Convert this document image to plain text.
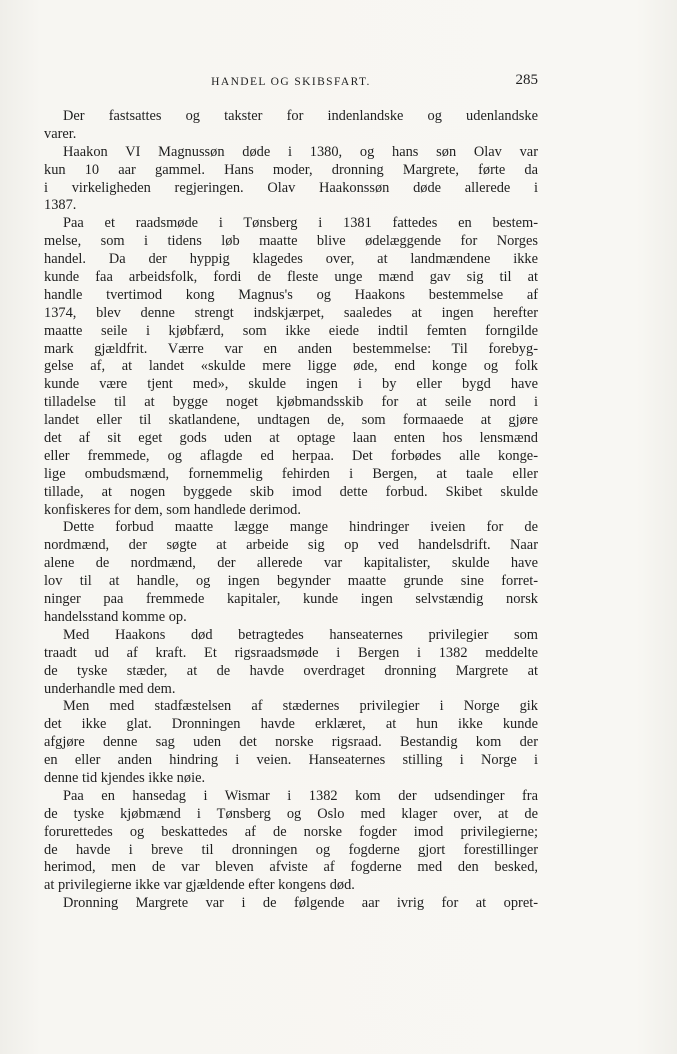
HANDEL OG SKIBSFART.	285
Der fastsattes og takster for indenlandske og udenlandske
varer.
Haakon VI Magnussøn døde i 1380, og hans søn Olav var
kun 10 aar gammel. Hans moder, dronning Margrete, førte da
i virkeligheden regjeringen. Olav Haakonssøn døde allerede i
1387.
Paa et raadsmøde i Tønsberg i 1381 fattedes en bestem-
melse, som i tidens løb maatte blive ødelæggende for Norges
handel. Da der hyppig klagedes over, at landmændene ikke
kunde faa arbeidsfolk, fordi de fleste unge mænd gav sig til at
handle tvertimod kong Magnus's og Haakons bestemmelse af
1374, blev denne strengt indskjærpet, saaledes at ingen herefter
maatte seile i kjøbfærd, som ikke eiede indtil femten forngilde
mark gjældfrit. Værre var en anden bestemmelse: Til forebyg-
gelse af, at landet «skulde mere ligge øde, end konge og folk
kunde være tjent med», skulde ingen i by eller bygd have
tilladelse til at bygge noget kjøbmandsskib for at seile nord i
landet eller til skatlandene, undtagen de, som formaaede at gjøre
det af sit eget gods uden at optage laan enten hos lensmænd
eller fremmede, og aflagde ed herpaa. Det forbødes alle konge-
lige ombudsmænd, fornemmelig fehirden i Bergen, at taale eller
tillade, at nogen byggede skib imod dette forbud. Skibet skulde
konfiskeres for dem, som handlede derimod.
Dette forbud maatte lægge mange hindringer iveien for de
nordmænd, der søgte at arbeide sig op ved handelsdrift. Naar
alene de nordmænd, der allerede var kapitalister, skulde have
lov til at handle, og ingen begynder maatte grunde sine forret-
ninger paa fremmede kapitaler, kunde ingen selvstændig norsk
handelsstand komme op.
Med Haakons død betragtedes hanseaternes privilegier som
traadt ud af kraft. Et rigsraadsmøde i Bergen i 1382 meddelte
de tyske stæder, at de havde overdraget dronning Margrete at
underhandle med dem.
Men med stadfæstelsen af stædernes privilegier i Norge gik
det ikke glat. Dronningen havde erklæret, at hun ikke kunde
afgjøre denne sag uden det norske rigsraad. Bestandig kom der
en eller anden hindring i veien. Hanseaternes stilling i Norge i
denne tid kjendes ikke nøie.
Paa en hansedag i Wismar i 1382 kom der udsendinger fra
de tyske kjøbmænd i Tønsberg og Oslo med klager over, at de
forurettedes og beskattedes af de norske fogder imod privilegierne;
de havde i breve til dronningen og fogderne gjort forestillinger
herimod, men de var bleven afviste af fogderne med den besked,
at privilegierne ikke var gjældende efter kongens død.
Dronning Margrete var i de følgende aar ivrig for at opret-
